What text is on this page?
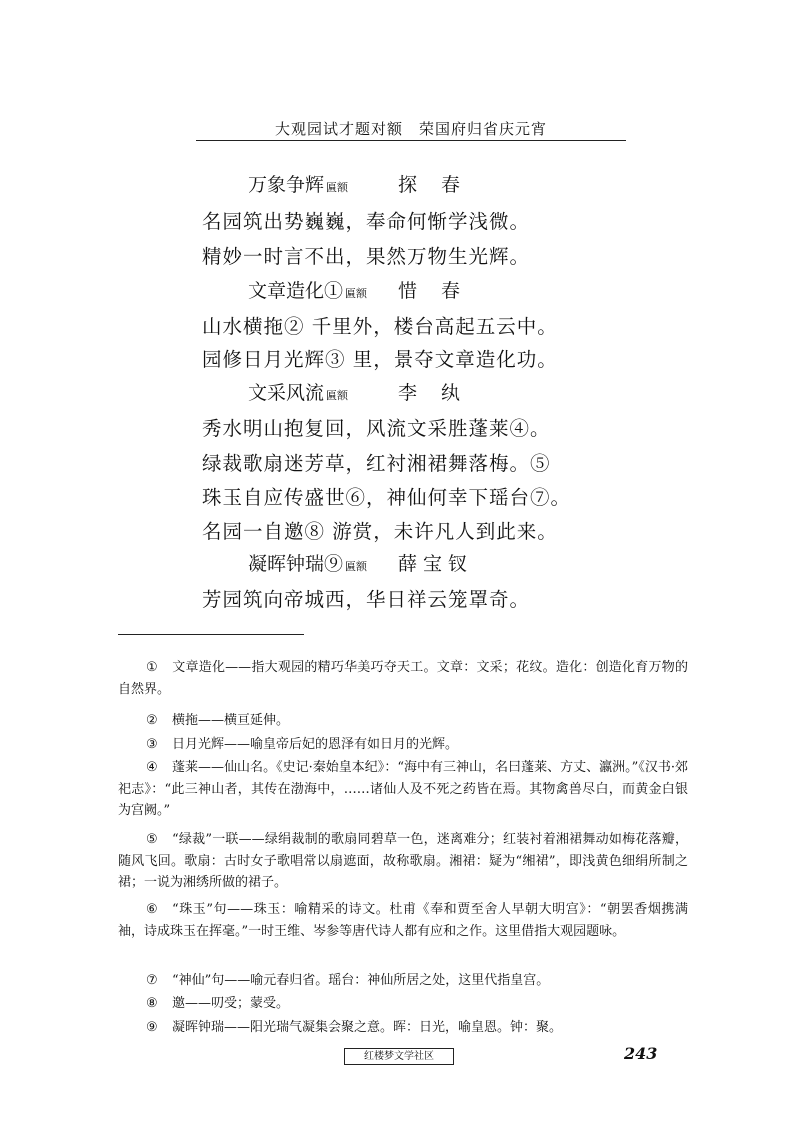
大观园试才题对额　荣国府归省庆元宵
万象争辉 匾额	探春
名园筑出势巍巍，奉命何惭学浅微。
精妙一时言不出，果然万物生光辉。
文章造化① 匾额 惜春
山水横拖② 千里外，楼台高起五云中。
园修日月光辉③ 里，景夺文章造化功。
文采风流 匾额	李纨
秀水明山抱复回，风流文采胜蓬莱④。
绿裁歌扇迷芳草，红衬湘裙舞落梅。⑤
珠玉自应传盛世⑥，神仙何幸下瑶台⑦。
名园一自邀⑧ 游赏，未许凡人到此来。
凝晖钟瑞⑨ 匾额 薛宝钗
芳园筑向帝城西，华日祥云笼罩奇。
① 文章造化——指大观园的精巧华美巧夺天工。文章：文采；花纹。造化：创造化育万物的自然界。
② 横拖——横亘延伸。
③ 日月光辉——喻皇帝后妃的恩泽有如日月的光辉。
④ 蓬莱——仙山名。《史记·秦始皇本纪》：“海中有三神山，名曰蓬莱、方丈、瀛洲。”《汉书·郊祀志》：“此三神山者，其传在渤海中，……诸仙人及不死之药皆在焉。其物禽兽尽白，而黄金白银为宫阙。”
⑤ “绿裁”一联——绿绢裁制的歌扇同碧草一色，迷离难分；红装衬着湘裙舞动如梅花落瓣，随风飞回。歌扇：古时女子歌唱常以扇遮面，故称歌扇。湘裙：疑为“缃裙”，即浅黄色细绢所制之裙；一说为湘绣所做的裙子。
⑥ “珠玉”句——珠玉：喻精采的诗文。杜甫《奉和贾至舍人早朝大明宫》：“朝罢香烟携满袖，诗成珠玉在挥毫。”一时王维、岑参等唐代诗人都有应和之作。这里借指大观园题咏。
⑦ “神仙”句——喻元春归省。瑶台：神仙所居之处，这里代指皇宫。
⑧ 邀——叨受；蒙受。
⑨ 凝晖钟瑞——阳光瑞气凝集会聚之意。晖：日光，喻皇恩。钟：聚。
红楼梦文学社区	243
